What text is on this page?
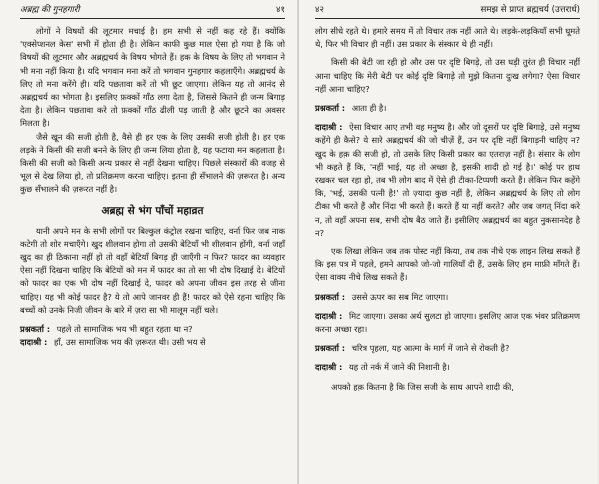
अब्रह्म की गुनहगारी	४१

लोगों ने विषयों की लूटमार मचाई है। हम सभी से नहीं कह रहे हैं। क्योंकि 'एक्सेप्शनल केस' सभी में होता ही है। लेकिन काफी कुछ माल ऐसा हो गया है कि जो विषयों की लूटमार और अब्रह्मचर्य के विषय भोगते हैं। हक के विषय के लिए तो भगवान ने भी मना नहीं किया है। यदि भगवान मना करें तो भगवान गुनहगार कहलाएँगे। अब्रह्मचर्य के लिए तो मना करेंगे ही। यदि पछतावा करें तो भी छूट जाएगा। लेकिन यह तो आनंद से अब्रह्मचर्य का भोगता है। इसलिए फ़क्कों गाँठ लगा देता है, जिससे कितने ही जन्म बिगाड़ देता है। लेकिन पछतावा करे तो फ़क्कों गाँठ ढीली पड़ जाती है और छूटने का अवसर मिलता है।

जैसे खून की सजी होती है, वैसे ही हर एक के लिए उसकी सजी होती है। हर एक लड़के ने किसी की सजी बनने के लिए ही जन्म लिया होता है, यह फटाया मन कहलाता है। किसी की सजी को किसी अन्य प्रकार से नहीं देखना चाहिए। पिछले संस्कारों की वजह से भूल से देख लिया हो, तो प्रतिक्रमण करना चाहिए। इतना ही सँभालने की ज़रूरत है। अन्य कुछ सँभालने की ज़रूरत नहीं है।

अब्रह्म से भंग पाँचों महाव्रत

यानी अपने मन के सभी लोगों पर बिल्कुल कंट्रोल रखना चाहिए, वर्ना फिर जब नाक कटेगी तो शोर मचाएँगे। खुद शीलवान होगा तो उसकी बेटियाँ भी शीलवान होंगी, वर्ना जहाँ खुद का ही ठिकाना नहीं हो तो वहाँ बेटियाँ बिगड़ ही जाएँगी न फिर? फादर का व्यवहार ऐसा नहीं दिखना चाहिए कि बेटियों को मन में फादर का तो सा भी दोष दिखाई दे। बेटियों को फादर का एक भी दोष नहीं दिखाई दे, फादर को अपना जीवन इस तरह से जीना चाहिए। यह भी कोई फादर है? ये तो आपे जानवर ही हैं! फादर को ऐसे रहना चाहिए कि बच्चों को उनके निजी जीवन के बारे में ज़रा सा भी मालूम नहीं चले।

प्रश्नकर्ता : पहले तो सामाजिक भय भी बहुत रहता था न?

दादाश्री : हाँ, उस सामाजिक भय की ज़रूरत थी। उसी भय से

४२	समझ से प्राप्त ब्रह्मचर्य (उत्तरार्ध)

लोग सीधे रहते थे। हमारे समय में तो विचार तक नहीं आते थे। लड़के-लड़कियाँ सभी घूमते थे, फिर भी विचार ही नहीं। उस प्रकार के संस्कार थे ही नहीं।

किसी की बेटी जा रही हो और उस पर दृष्टि बिगड़े, तो उस घड़ी तुरंत ही विचार नहीं आना चाहिए कि मेरी बेटी पर कोई दृष्टि बिगाड़े तो मुझे कितना दुःख लगेगा? ऐसा विचार नहीं आना चाहिए?

प्रश्नकर्ता : आता ही है।

दादाश्री : ऐसा विचार आए तभी वह मनुष्य है। और जो दूसरों पर दृष्टि बिगाड़े, उसे मनुष्य कहेंगे ही कैसे? ये सारे अब्रह्मचर्य की जो चीज़ें हैं, उन पर दृष्टि नहीं बिगाड़नी चाहिए न? खुद के हक़ की सजी हो, तो उसके लिए किसी प्रकार का एतराज़ नहीं है। संसार के लोग भी कहते हैं कि, 'नहीं भाई, यह तो अच्छा है, इसकी शादी हो गई है।' कोई पर हाथ रखकर चल रहा हो, तब भी लोग बाद में ऐसे ही टीका-टिप्पणी करते हैं। लेकिन फिर कहेंगे कि, 'भई, उसकी पत्नी है!' तो ज़्यादा कुछ नहीं है, लेकिन अब्रह्मचर्य के लिए तो लोग टीका भी करते हैं और निंदा भी करते हैं। करते हैं या नहीं करते? और जब जगत् निंदा करे न, तो वहाँ अपना सब, सभी दोष बैठ जाते हैं। इसीलिए अब्रह्मचर्य का बहुत नुकसानदेह है न?

एक लिखा लेकिन जब तक पोस्ट नहीं किया, तब तक नीचे एक लाइन लिख सकते हैं कि इस पत्र में पहले, हमने आपको जो-जो गालियाँ दी हैं, उसके लिए हम माफ़ी माँगते हैं। ऐसा वाक्य नीचे लिख सकते हैं।

प्रश्नकर्ता : उससे ऊपर का सब मिट जाएगा।

दादाश्री : मिट जाएगा। उसका अर्थ सुलटा हो जाएगा। इसलिए आज एक भंवर प्रतिक्रमण करना अच्छा रहा।

प्रश्नकर्ता : चरित्र पृहला, यह आत्मा के मार्ग में जाने से रोकती है?

दादाश्री : यह तो नर्क में जाने की निशानी है।

अपको हक़ कितना है कि जिस सजी के साथ आपने शादी की,
